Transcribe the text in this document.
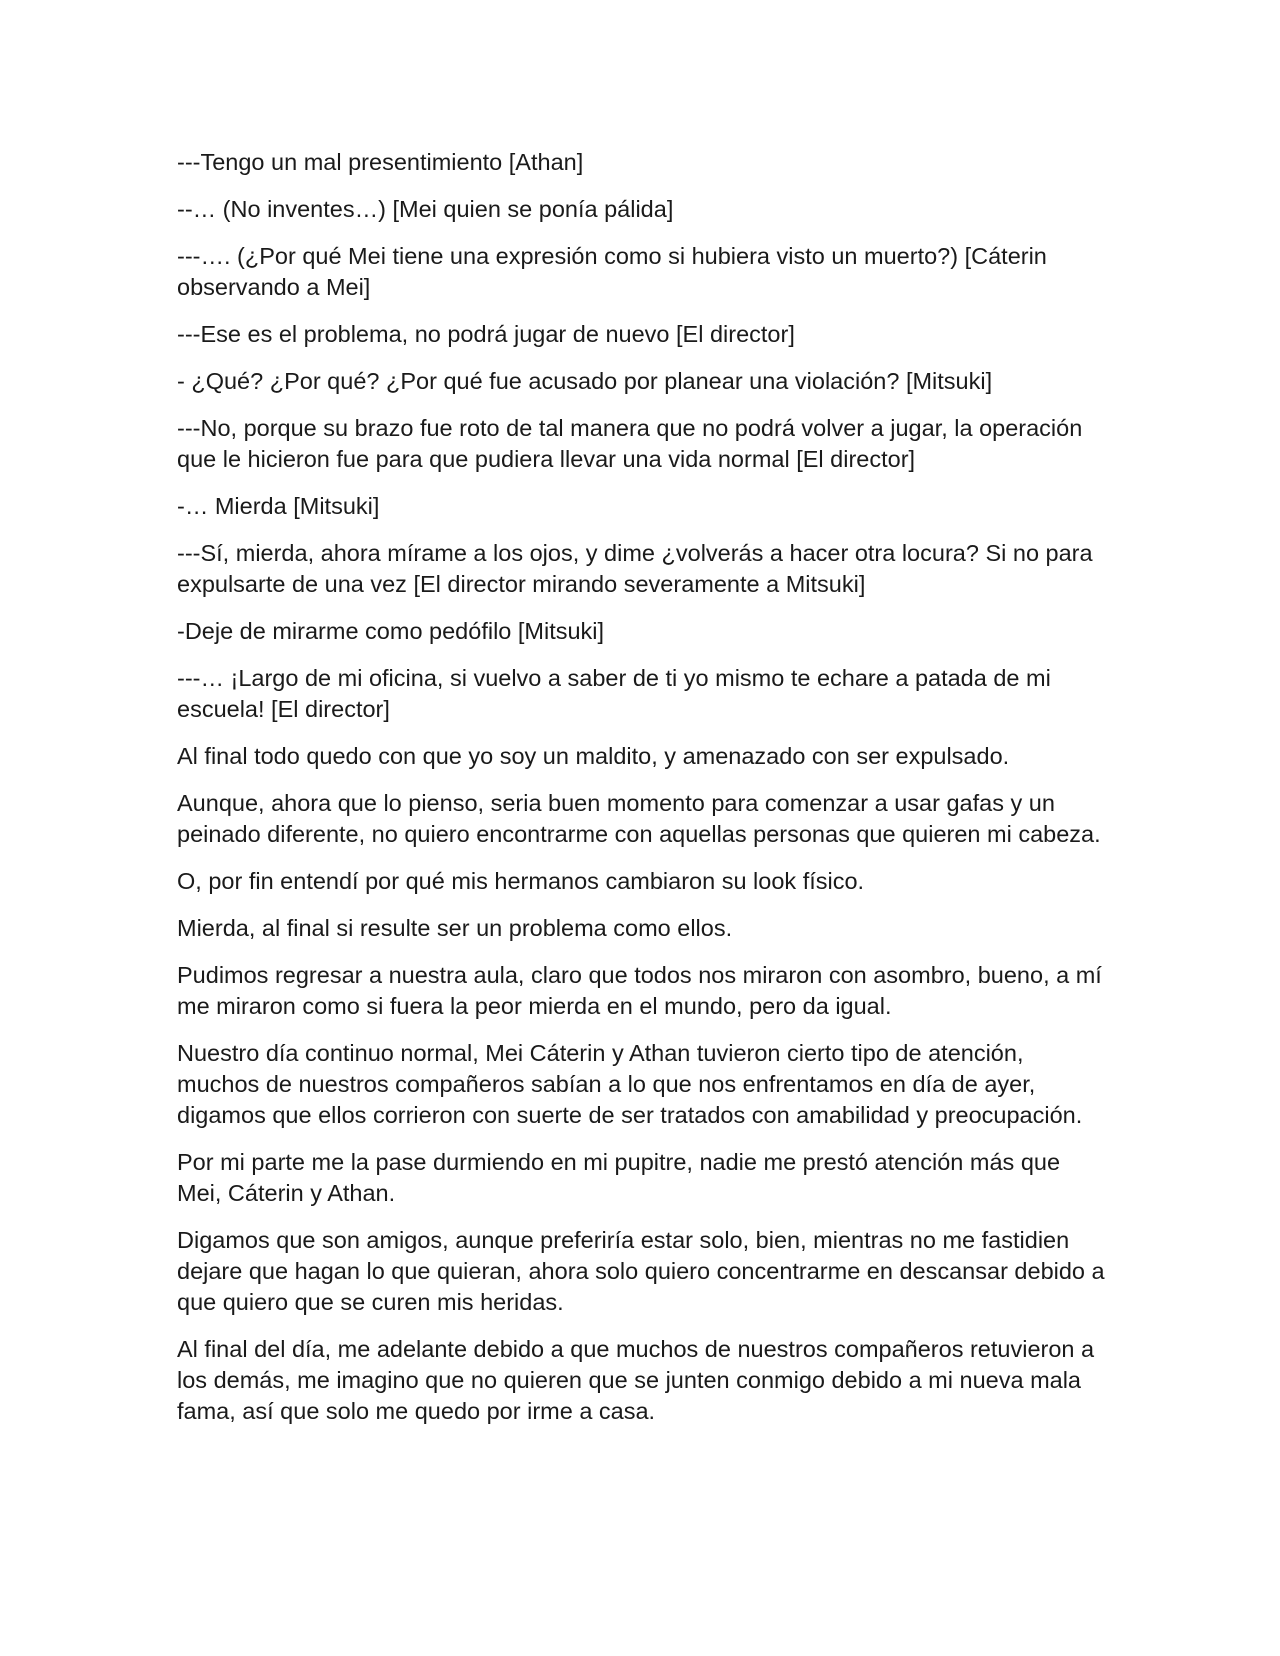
---Tengo un mal presentimiento [Athan]

--… (No inventes…) [Mei quien se ponía pálida]

---…. (¿Por qué Mei tiene una expresión como si hubiera visto un muerto?) [Cáterin observando a Mei]

---Ese es el problema, no podrá jugar de nuevo [El director]

- ¿Qué? ¿Por qué? ¿Por qué fue acusado por planear una violación? [Mitsuki]

---No, porque su brazo fue roto de tal manera que no podrá volver a jugar, la operación que le hicieron fue para que pudiera llevar una vida normal [El director]

-… Mierda [Mitsuki]

---Sí, mierda, ahora mírame a los ojos, y dime ¿volverás a hacer otra locura? Si no para expulsarte de una vez [El director mirando severamente a Mitsuki]

-Deje de mirarme como pedófilo [Mitsuki]

---… ¡Largo de mi oficina, si vuelvo a saber de ti yo mismo te echare a patada de mi escuela! [El director]

Al final todo quedo con que yo soy un maldito, y amenazado con ser expulsado.

Aunque, ahora que lo pienso, seria buen momento para comenzar a usar gafas y un peinado diferente, no quiero encontrarme con aquellas personas que quieren mi cabeza.

O, por fin entendí por qué mis hermanos cambiaron su look físico.

Mierda, al final si resulte ser un problema como ellos.

Pudimos regresar a nuestra aula, claro que todos nos miraron con asombro, bueno, a mí me miraron como si fuera la peor mierda en el mundo, pero da igual.

Nuestro día continuo normal, Mei Cáterin y Athan tuvieron cierto tipo de atención, muchos de nuestros compañeros sabían a lo que nos enfrentamos en día de ayer, digamos que ellos corrieron con suerte de ser tratados con amabilidad y preocupación.

Por mi parte me la pase durmiendo en mi pupitre, nadie me prestó atención más que Mei, Cáterin y Athan.

Digamos que son amigos, aunque preferiría estar solo, bien, mientras no me fastidien dejare que hagan lo que quieran, ahora solo quiero concentrarme en descansar debido a que quiero que se curen mis heridas.

Al final del día, me adelante debido a que muchos de nuestros compañeros retuvieron a los demás, me imagino que no quieren que se junten conmigo debido a mi nueva mala fama, así que solo me quedo por irme a casa.
